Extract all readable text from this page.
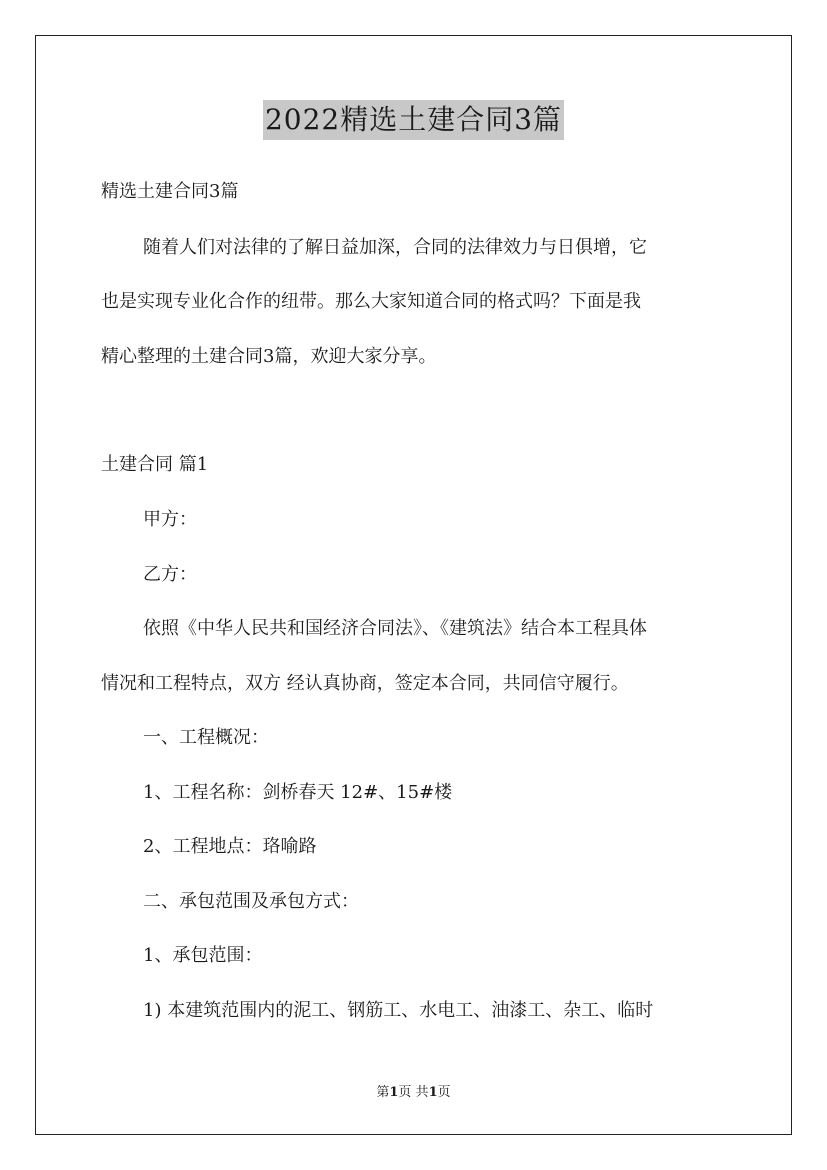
2022精选土建合同3篇
精选土建合同3篇
随着人们对法律的了解日益加深，合同的法律效力与日俱增，它
也是实现专业化合作的纽带。那么大家知道合同的格式吗？下面是我
精心整理的土建合同3篇，欢迎大家分享。
土建合同 篇1
甲方：
乙方：
依照《中华人民共和国经济合同法》、《建筑法》结合本工程具体
情况和工程特点，双方 经认真协商，签定本合同，共同信守履行。
一、工程概况：
1、工程名称：剑桥春天 12#、15#楼
2、工程地点：珞喻路
二、承包范围及承包方式：
1、承包范围：
1) 本建筑范围内的泥工、钢筋工、水电工、油漆工、杂工、临时
第1页 共1页
